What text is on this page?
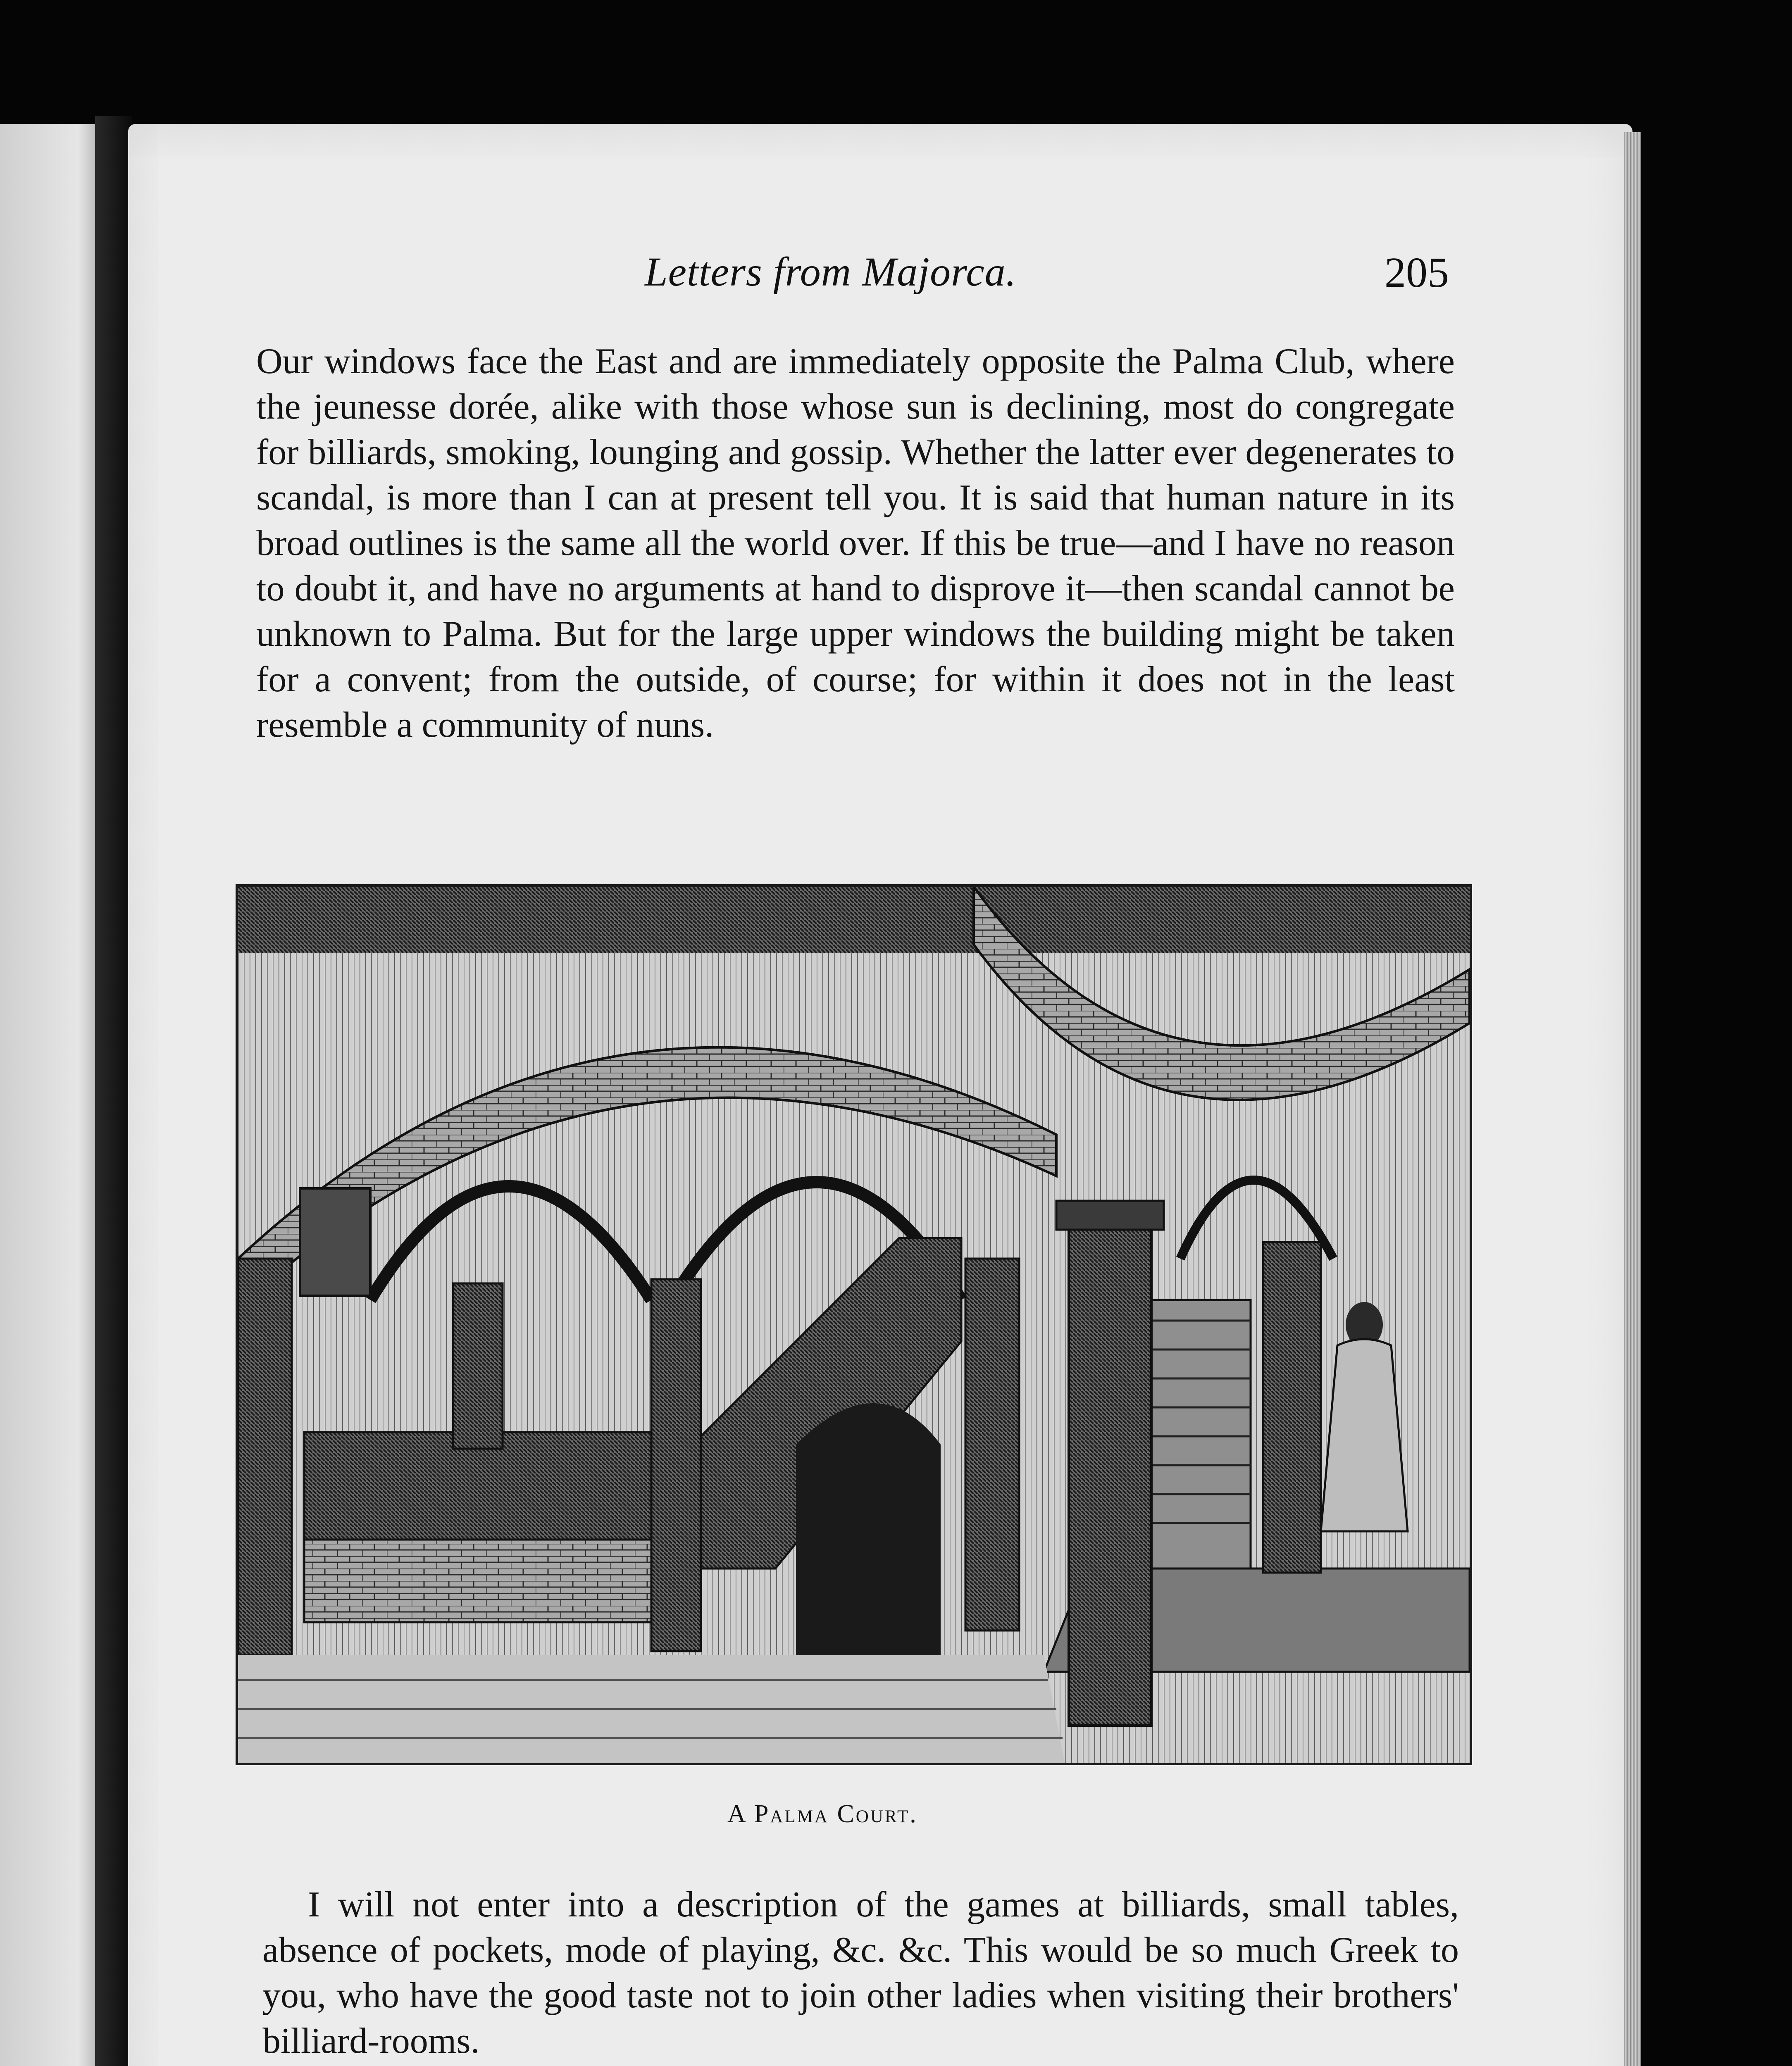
Letters from Majorca.	205

Our windows face the East and are immediately opposite the Palma Club, where the jeunesse dorée, alike with those whose sun is declining, most do congregate for billiards, smoking, lounging and gossip. Whether the latter ever degenerates to scandal, is more than I can at present tell you. It is said that human nature in its broad outlines is the same all the world over. If this be true—and I have no reason to doubt it, and have no arguments at hand to disprove it—then scandal cannot be unknown to Palma. But for the large upper windows the building might be taken for a convent; from the outside, of course; for within it does not in the least resemble a community of nuns.

A Palma Court.

I will not enter into a description of the games at billiards, small tables, absence of pockets, mode of playing, &c. &c. This would be so much Greek to you, who have the good taste not to join other ladies when visiting their brothers' billiard-rooms.
